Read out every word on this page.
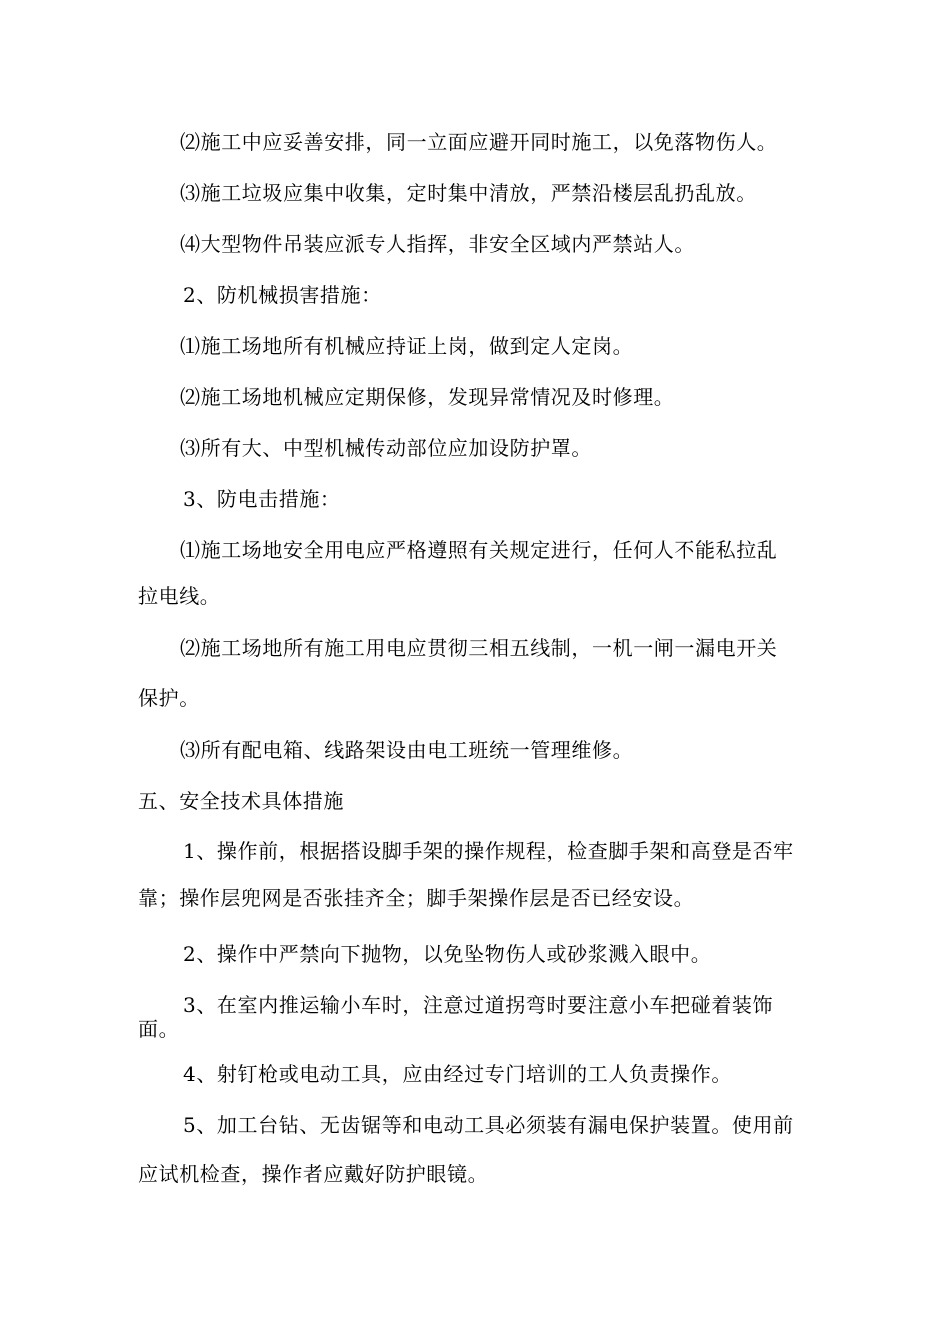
⑵施工中应妥善安排，同一立面应避开同时施工，以免落物伤人。
⑶施工垃圾应集中收集，定时集中清放，严禁沿楼层乱扔乱放。
⑷大型物件吊装应派专人指挥，非安全区域内严禁站人。
2、防机械损害措施：
⑴施工场地所有机械应持证上岗，做到定人定岗。
⑵施工场地机械应定期保修，发现异常情况及时修理。
⑶所有大、中型机械传动部位应加设防护罩。
3、防电击措施：
⑴施工场地安全用电应严格遵照有关规定进行，任何人不能私拉乱
拉电线。
⑵施工场地所有施工用电应贯彻三相五线制，一机一闸一漏电开关
保护。
⑶所有配电箱、线路架设由电工班统一管理维修。
五、安全技术具体措施
1、操作前，根据搭设脚手架的操作规程，检查脚手架和高登是否牢
靠；操作层兜网是否张挂齐全；脚手架操作层是否已经安设。
2、操作中严禁向下抛物，以免坠物伤人或砂浆溅入眼中。
3、在室内推运输小车时，注意过道拐弯时要注意小车把碰着装饰
面。
4、射钉枪或电动工具，应由经过专门培训的工人负责操作。
5、加工台钻、无齿锯等和电动工具必须装有漏电保护装置。使用前
应试机检查，操作者应戴好防护眼镜。
